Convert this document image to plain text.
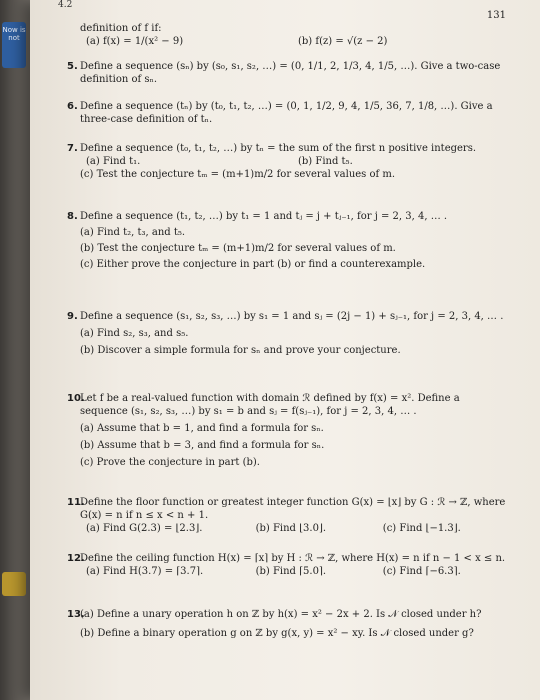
Now is not
4.2
131

definition of f if:

(a) f(x) = 1/(x² − 9)	(b) f(z) = √(z − 2)
5. Define a sequence (sₙ) by (s₀, s₁, s₂, …) = (0, 1/1, 2, 1/3, 4, 1/5, …). Give a two-case definition of sₙ.

6. Define a sequence (tₙ) by (t₀, t₁, t₂, …) = (0, 1, 1/2, 9, 4, 1/5, 36, 7, 1/8, …). Give a three-case definition of tₙ.

7. Define a sequence (t₀, t₁, t₂, …) by tₙ = the sum of the first n positive integers.

(a) Find t₁.	(b) Find t₅.

(c) Test the conjecture tₘ = (m+1)m/2 for several values of m.

8. Define a sequence (t₁, t₂, …) by t₁ = 1 and tⱼ = j + tⱼ₋₁, for j = 2, 3, 4, … .

(a) Find t₂, t₃, and t₅.

(b) Test the conjecture tₘ = (m+1)m/2 for several values of m.

(c) Either prove the conjecture in part (b) or find a counterexample.

9. Define a sequence (s₁, s₂, s₃, …) by s₁ = 1 and sⱼ = (2j − 1) + sⱼ₋₁, for j = 2, 3, 4, … .

(a) Find s₂, s₃, and s₅.

(b) Discover a simple formula for sₙ and prove your conjecture.

10.

Let f be a real-valued function with domain ℛ defined by f(x) = x². Define a sequence (s₁, s₂, s₃, …) by s₁ = b and sⱼ = f(sⱼ₋₁), for j = 2, 3, 4, … .

(a) Assume that b = 1, and find a formula for sₙ.

(b) Assume that b = 3, and find a formula for sₙ.

(c) Prove the conjecture in part (b).

11.

Define the floor function or greatest integer function G(x) = ⌊x⌋ by G : ℛ → ℤ, where G(x) = n if n ≤ x < n + 1.

(a) Find G(2.3) = ⌊2.3⌋.	(b) Find ⌊3.0⌋.	(c) Find ⌊−1.3⌋.
12.

Define the ceiling function H(x) = ⌈x⌉ by H : ℛ → ℤ, where H(x) = n if n − 1 < x ≤ n.

(a) Find H(3.7) = ⌈3.7⌉.	(b) Find ⌈5.0⌉.	(c) Find ⌈−6.3⌉.
13.

(a) Define a unary operation h on ℤ by h(x) = x² − 2x + 2. Is 𝒩 closed under h?

(b) Define a binary operation g on ℤ by g(x, y) = x² − xy. Is 𝒩 closed under g?
